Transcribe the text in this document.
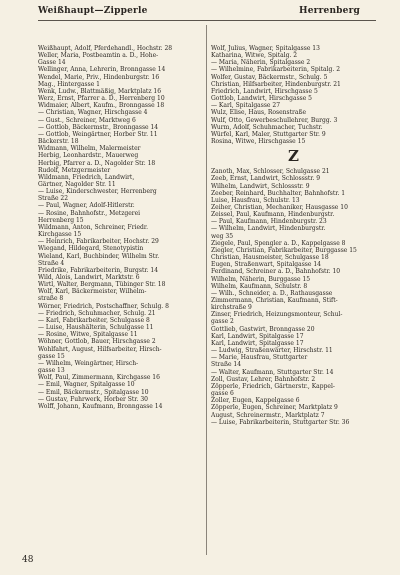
Weißhaupt—Zipperle	Herrenberg
Weißhaupt, Adolf, Pferdehandl., Hochstr. 28
Weller, Maria, Postbeamtin a. D., Hohe-
Gasse 14
Wellinger, Anna, Lehrerin, Bronngasse 14
Wendel, Marie, Priv., Hindenburgstr. 16
Mag., Hintergasse 1
Wenk, Ludw., Blattmäßig, Marktplatz 16
Werz, Ernst, Pfarrer a. D., Herrenberg 10
Widmaier, Albert, Kaufm., Bronngasse 18
— Christian, Wagner, Hirschgasse 4
— Gust., Schreiner, Marktweg 6
— Gottlob, Bäckermstr., Bronngasse 14
— Gottlob, Weingärtner, Horber Str. 11
Bäckerstr. 18
Widmann, Wilhelm, Malermeister
Herbig, Leonhardstr., Mauerweg
Herbig, Pfarrer a. D., Nagolder Str. 18
Rudolf, Metzgermeister
Wildmann, Friedrich, Landwirt,
Gärtner, Nagolder Str. 11
— Luise, Kinderschwester, Herrenberg
Straße 22
— Paul, Wagner, Adolf-Hitlerstr.
— Rosine, Bahnhofstr., Metzgerei
Herrenberg 15
Wildmann, Anton, Schreiner, Friedr.
Kirchgasse 15
— Heinrich, Fabrikarbeiter, Hochstr. 29
Wiegand, Hildegard, Stenotypistin
Wieland, Karl, Buchbinder, Wilhelm Str.
Straße 4
Friedrike, Fabrikarbeiterin, Burgstr. 14
Wild, Alois, Landwirt, Marktstr. 6
Wirtl, Walter, Bergmann, Tübinger Str. 18
Wolf, Karl, Bäckermeister, Wilhelm-
straße 8
Wörner, Friedrich, Postschaffner, Schulg. 8
— Friedrich, Schuhmacher, Schulg. 21
— Karl, Fabrikarbeiter, Schulgasse 8
— Luise, Haushälterin, Schulgasse 11
— Rosine, Witwe, Spitalgasse 11
Wöhner, Gottlob, Bauer, Hirschgasse 2
Wohlfahrt, August, Hilfsarbeiter, Hirsch-
gasse 15
— Wilhelm, Weingärtner, Hirsch-
gasse 13
Wolf, Paul, Zimmermann, Kirchgasse 16
— Emil, Wagner, Spitalgasse 10
— Emil, Bäckermstr., Spitalgasse 10
— Gustav, Fuhrwerk, Horber Str. 30
Wolff, Johann, Kaufmann, Bronngasse 14
Wolf, Julius, Wagner, Spitalgasse 13
Katharina, Witwe, Spitalg. 2
— Maria, Näherin, Spitalgasse 2
— Wilhelmine, Fabrikarbeiterin, Spitalg. 2
Wolfer, Gustav, Bäckermstr., Schulg. 5
Christian, Hilfsarbeiter, Hindenburgstr. 21
Friedrich, Landwirt, Hirschgasse 5
Gottlob, Landwirt, Hirschgasse 5
— Karl, Spitalgasse 27
Wulz, Elise, Haus, Rosenstraße
Wulf, Otto, Gewerbeschullehrer, Burgg. 3
Wurm, Adolf, Schuhmacher, Tuchstr.
Würfel, Karl, Maler, Stuttgarter Str. 9
Rosina, Witwe, Hirschgasse 15
Z
Zanoth, Max, Schlosser, Schulgasse 21
Zeeb, Ernst, Landwirt, Schlossstr. 9
Wilhelm, Landwirt, Schlossstr. 9
Zeeber, Reinhard, Buchhalter, Bahnhofstr. 1
Luise, Hausfrau, Schulstr. 13
Zeiher, Christian, Mechaniker, Hausgasse 10
Zeissel, Paul, Kaufmann, Hindenburgstr.
— Paul, Kaufmann, Hindenburgstr. 23
— Wilhelm, Landwirt, Hindenburgstr.
weg 35
Ziegele, Paul, Spengler a. D., Kappelgasse 8
Ziegler, Christian, Fabrikarbeiter, Burggasse 15
Christian, Hausmeister, Schulgasse 18
Eugen, Straßenwart, Spitalgasse 14
Ferdinand, Schreiner a. D., Bahnhofstr. 10
Wilhelm, Näherin, Burggasse 15
Wilhelm, Kaufmann, Schulstr. 8
— Wilh., Schneider, a. D., Rathausgasse
Zimmermann, Christian, Kaufmann, Stift-
kirchstraße 9
Zinser, Friedrich, Heizungsmonteur, Schul-
gasse 2
Gottlieb, Gastwirt, Bronngasse 20
Karl, Landwirt, Spitalgasse 17
Karl, Landwirt, Spitalgasse 17
— Ludwig, Straßenwärter, Hirschstr. 11
— Marie, Hausfrau, Stuttgarter
Straße 14
— Walter, Kaufmann, Stuttgarter Str. 14
Zoll, Gustav, Lehrer, Bahnhofstr. 2
Zöpperle, Friedrich, Gärtnerstr., Kappel-
gasse 6
Zoller, Eugen, Kappelgasse 6
Zöpperle, Eugen, Schreiner, Marktplatz 9
August, Schreinermstr., Marktplatz 7
— Luise, Fabrikarbeiterin, Stuttgarter Str. 36
48
